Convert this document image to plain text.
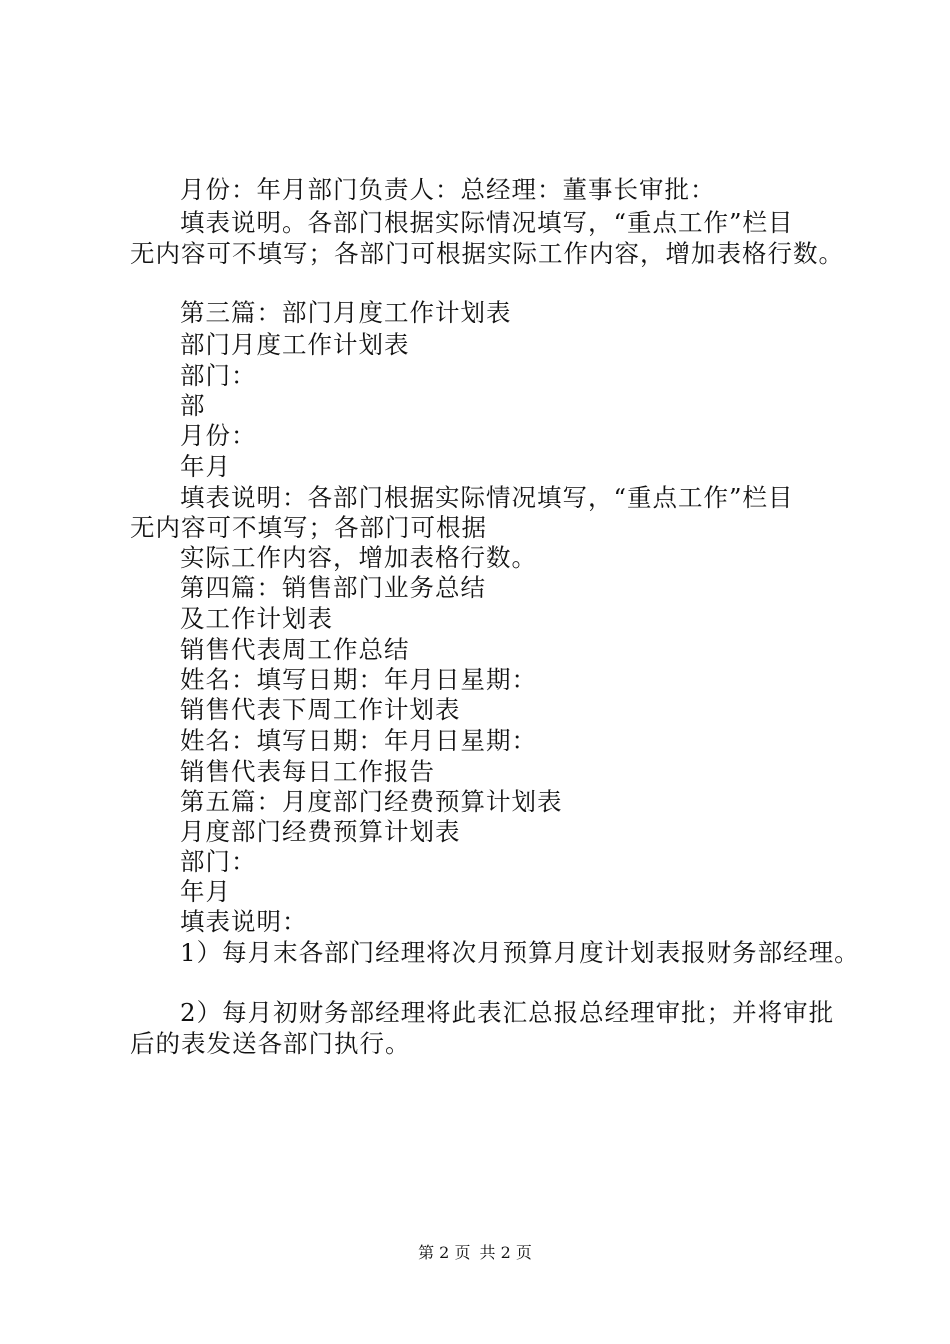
月份：年月部门负责人：总经理：董事长审批：
填表说明。各部门根据实际情况填写，“重点工作”栏目
无内容可不填写；各部门可根据实际工作内容，增加表格行数。
第三篇：部门月度工作计划表
部门月度工作计划表
部门：
部
月份：
年月
填表说明：各部门根据实际情况填写，“重点工作”栏目
无内容可不填写；各部门可根据
实际工作内容，增加表格行数。
第四篇：销售部门业务总结
及工作计划表
销售代表周工作总结
姓名：填写日期：年月日星期：
销售代表下周工作计划表
姓名：填写日期：年月日星期：
销售代表每日工作报告
第五篇：月度部门经费预算计划表
月度部门经费预算计划表
部门：
年月
填表说明：
1）每月末各部门经理将次月预算月度计划表报财务部经理。
2）每月初财务部经理将此表汇总报总经理审批；并将审批
后的表发送各部门执行。
第 2 页 共 2 页
